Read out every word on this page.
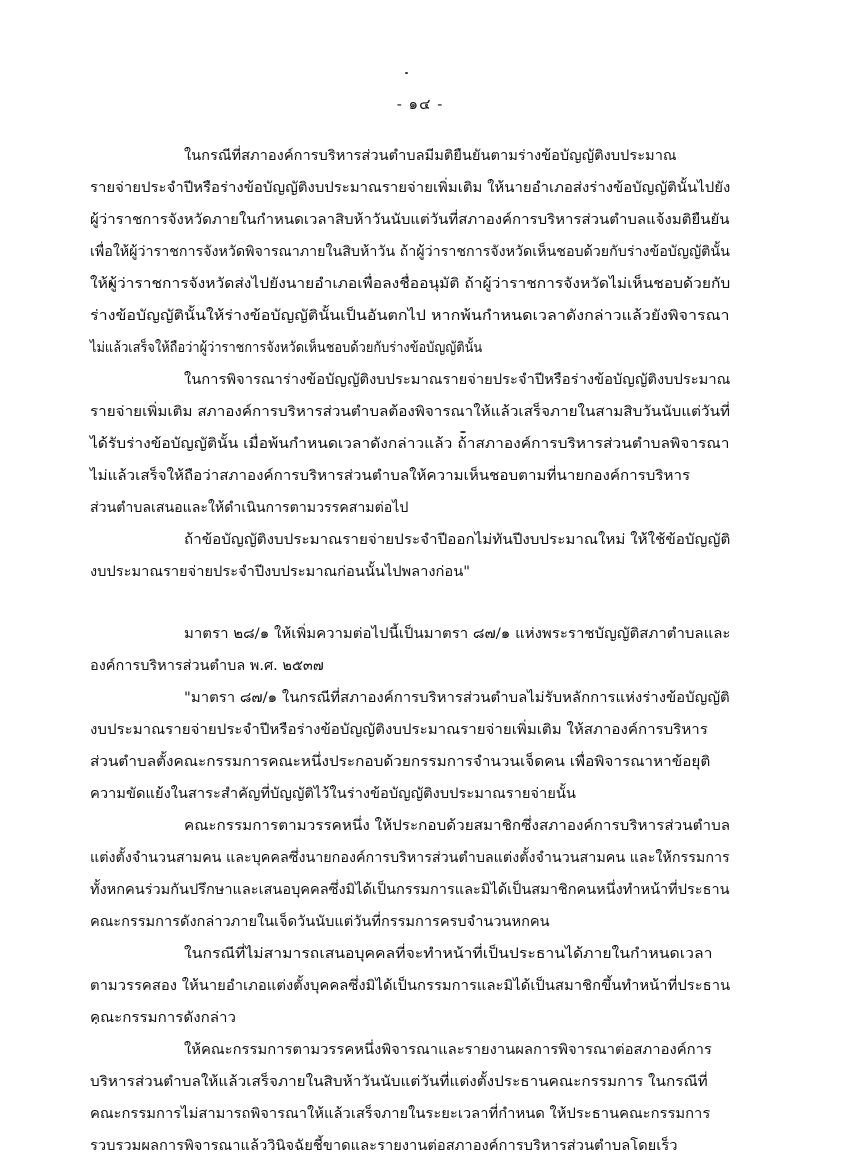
- ๑๔ -
ในกรณีที่สภาองค์การบริหารส่วนตำบลมีมติยืนยันตามร่างข้อบัญญัติงบประมาณ
รายจ่ายประจำปีหรือร่างข้อบัญญัติงบประมาณรายจ่ายเพิ่มเติม ให้นายอำเภอส่งร่างข้อบัญญัตินั้นไปยัง
ผู้ว่าราชการจังหวัดภายในกำหนดเวลาสิบห้าวันนับแต่วันที่สภาองค์การบริหารส่วนตำบลแจ้งมติยืนยัน
เพื่อให้ผู้ว่าราชการจังหวัดพิจารณาภายในสิบห้าวัน ถ้าผู้ว่าราชการจังหวัดเห็นชอบด้วยกับร่างข้อบัญญัตินั้น
ให้ผู้ว่าราชการจังหวัดส่งไปยังนายอำเภอเพื่อลงชื่ออนุมัติ ถ้าผู้ว่าราชการจังหวัดไม่เห็นชอบด้วยกับ
ร่างข้อบัญญัตินั้นให้ร่างข้อบัญญัตินั้นเป็นอันตกไป หากพ้นกำหนดเวลาดังกล่าวแล้วยังพิจารณา
ไม่แล้วเสร็จให้ถือว่าผู้ว่าราชการจังหวัดเห็นชอบด้วยกับร่างข้อบัญญัตินั้น
ในการพิจารณาร่างข้อบัญญัติงบประมาณรายจ่ายประจำปีหรือร่างข้อบัญญัติงบประมาณ
รายจ่ายเพิ่มเติม สภาองค์การบริหารส่วนตำบลต้องพิจารณาให้แล้วเสร็จภายในสามสิบวันนับแต่วันที่
ได้รับร่างข้อบัญญัตินั้น เมื่อพ้นกำหนดเวลาดังกล่าวแล้ว ถ้าสภาองค์การบริหารส่วนตำบลพิจารณา
ไม่แล้วเสร็จให้ถือว่าสภาองค์การบริหารส่วนตำบลให้ความเห็นชอบตามที่นายกองค์การบริหาร
ส่วนตำบลเสนอและให้ดำเนินการตามวรรคสามต่อไป
ถ้าข้อบัญญัติงบประมาณรายจ่ายประจำปีออกไม่ทันปีงบประมาณใหม่ ให้ใช้ข้อบัญญัติ
งบประมาณรายจ่ายประจำปีงบประมาณก่อนนั้นไปพลางก่อน"
มาตรา ๒๘/๑ ให้เพิ่มความต่อไปนี้เป็นมาตรา ๘๗/๑ แห่งพระราชบัญญัติสภาตำบลและ
องค์การบริหารส่วนตำบล พ.ศ. ๒๕๓๗
"มาตรา ๘๗/๑ ในกรณีที่สภาองค์การบริหารส่วนตำบลไม่รับหลักการแห่งร่างข้อบัญญัติ
งบประมาณรายจ่ายประจำปีหรือร่างข้อบัญญัติงบประมาณรายจ่ายเพิ่มเติม ให้สภาองค์การบริหาร
ส่วนตำบลตั้งคณะกรรมการคณะหนึ่งประกอบด้วยกรรมการจำนวนเจ็ดคน เพื่อพิจารณาหาข้อยุติ
ความขัดแย้งในสาระสำคัญที่บัญญัติไว้ในร่างข้อบัญญัติงบประมาณรายจ่ายนั้น
คณะกรรมการตามวรรคหนึ่ง ให้ประกอบด้วยสมาชิกซึ่งสภาองค์การบริหารส่วนตำบล
แต่งตั้งจำนวนสามคน และบุคคลซึ่งนายกองค์การบริหารส่วนตำบลแต่งตั้งจำนวนสามคน และให้กรรมการ
ทั้งหกคนร่วมกันปรึกษาและเสนอบุคคลซึ่งมิได้เป็นกรรมการและมิได้เป็นสมาชิกคนหนึ่งทำหน้าที่ประธาน
คณะกรรมการดังกล่าวภายในเจ็ดวันนับแต่วันที่กรรมการครบจำนวนหกคน
ในกรณีที่ไม่สามารถเสนอบุคคลที่จะทำหน้าที่เป็นประธานได้ภายในกำหนดเวลา
ตามวรรคสอง ให้นายอำเภอแต่งตั้งบุคคลซึ่งมิได้เป็นกรรมการและมิได้เป็นสมาชิกขึ้นทำหน้าที่ประธาน
คณะกรรมการดังกล่าว
ให้คณะกรรมการตามวรรคหนึ่งพิจารณาและรายงานผลการพิจารณาต่อสภาองค์การ
บริหารส่วนตำบลให้แล้วเสร็จภายในสิบห้าวันนับแต่วันที่แต่งตั้งประธานคณะกรรมการ ในกรณีที่
คณะกรรมการไม่สามารถพิจารณาให้แล้วเสร็จภายในระยะเวลาที่กำหนด ให้ประธานคณะกรรมการ
รวบรวมผลการพิจารณาแล้ววินิจฉัยชี้ขาดและรายงานต่อสภาองค์การบริหารส่วนตำบลโดยเร็ว
